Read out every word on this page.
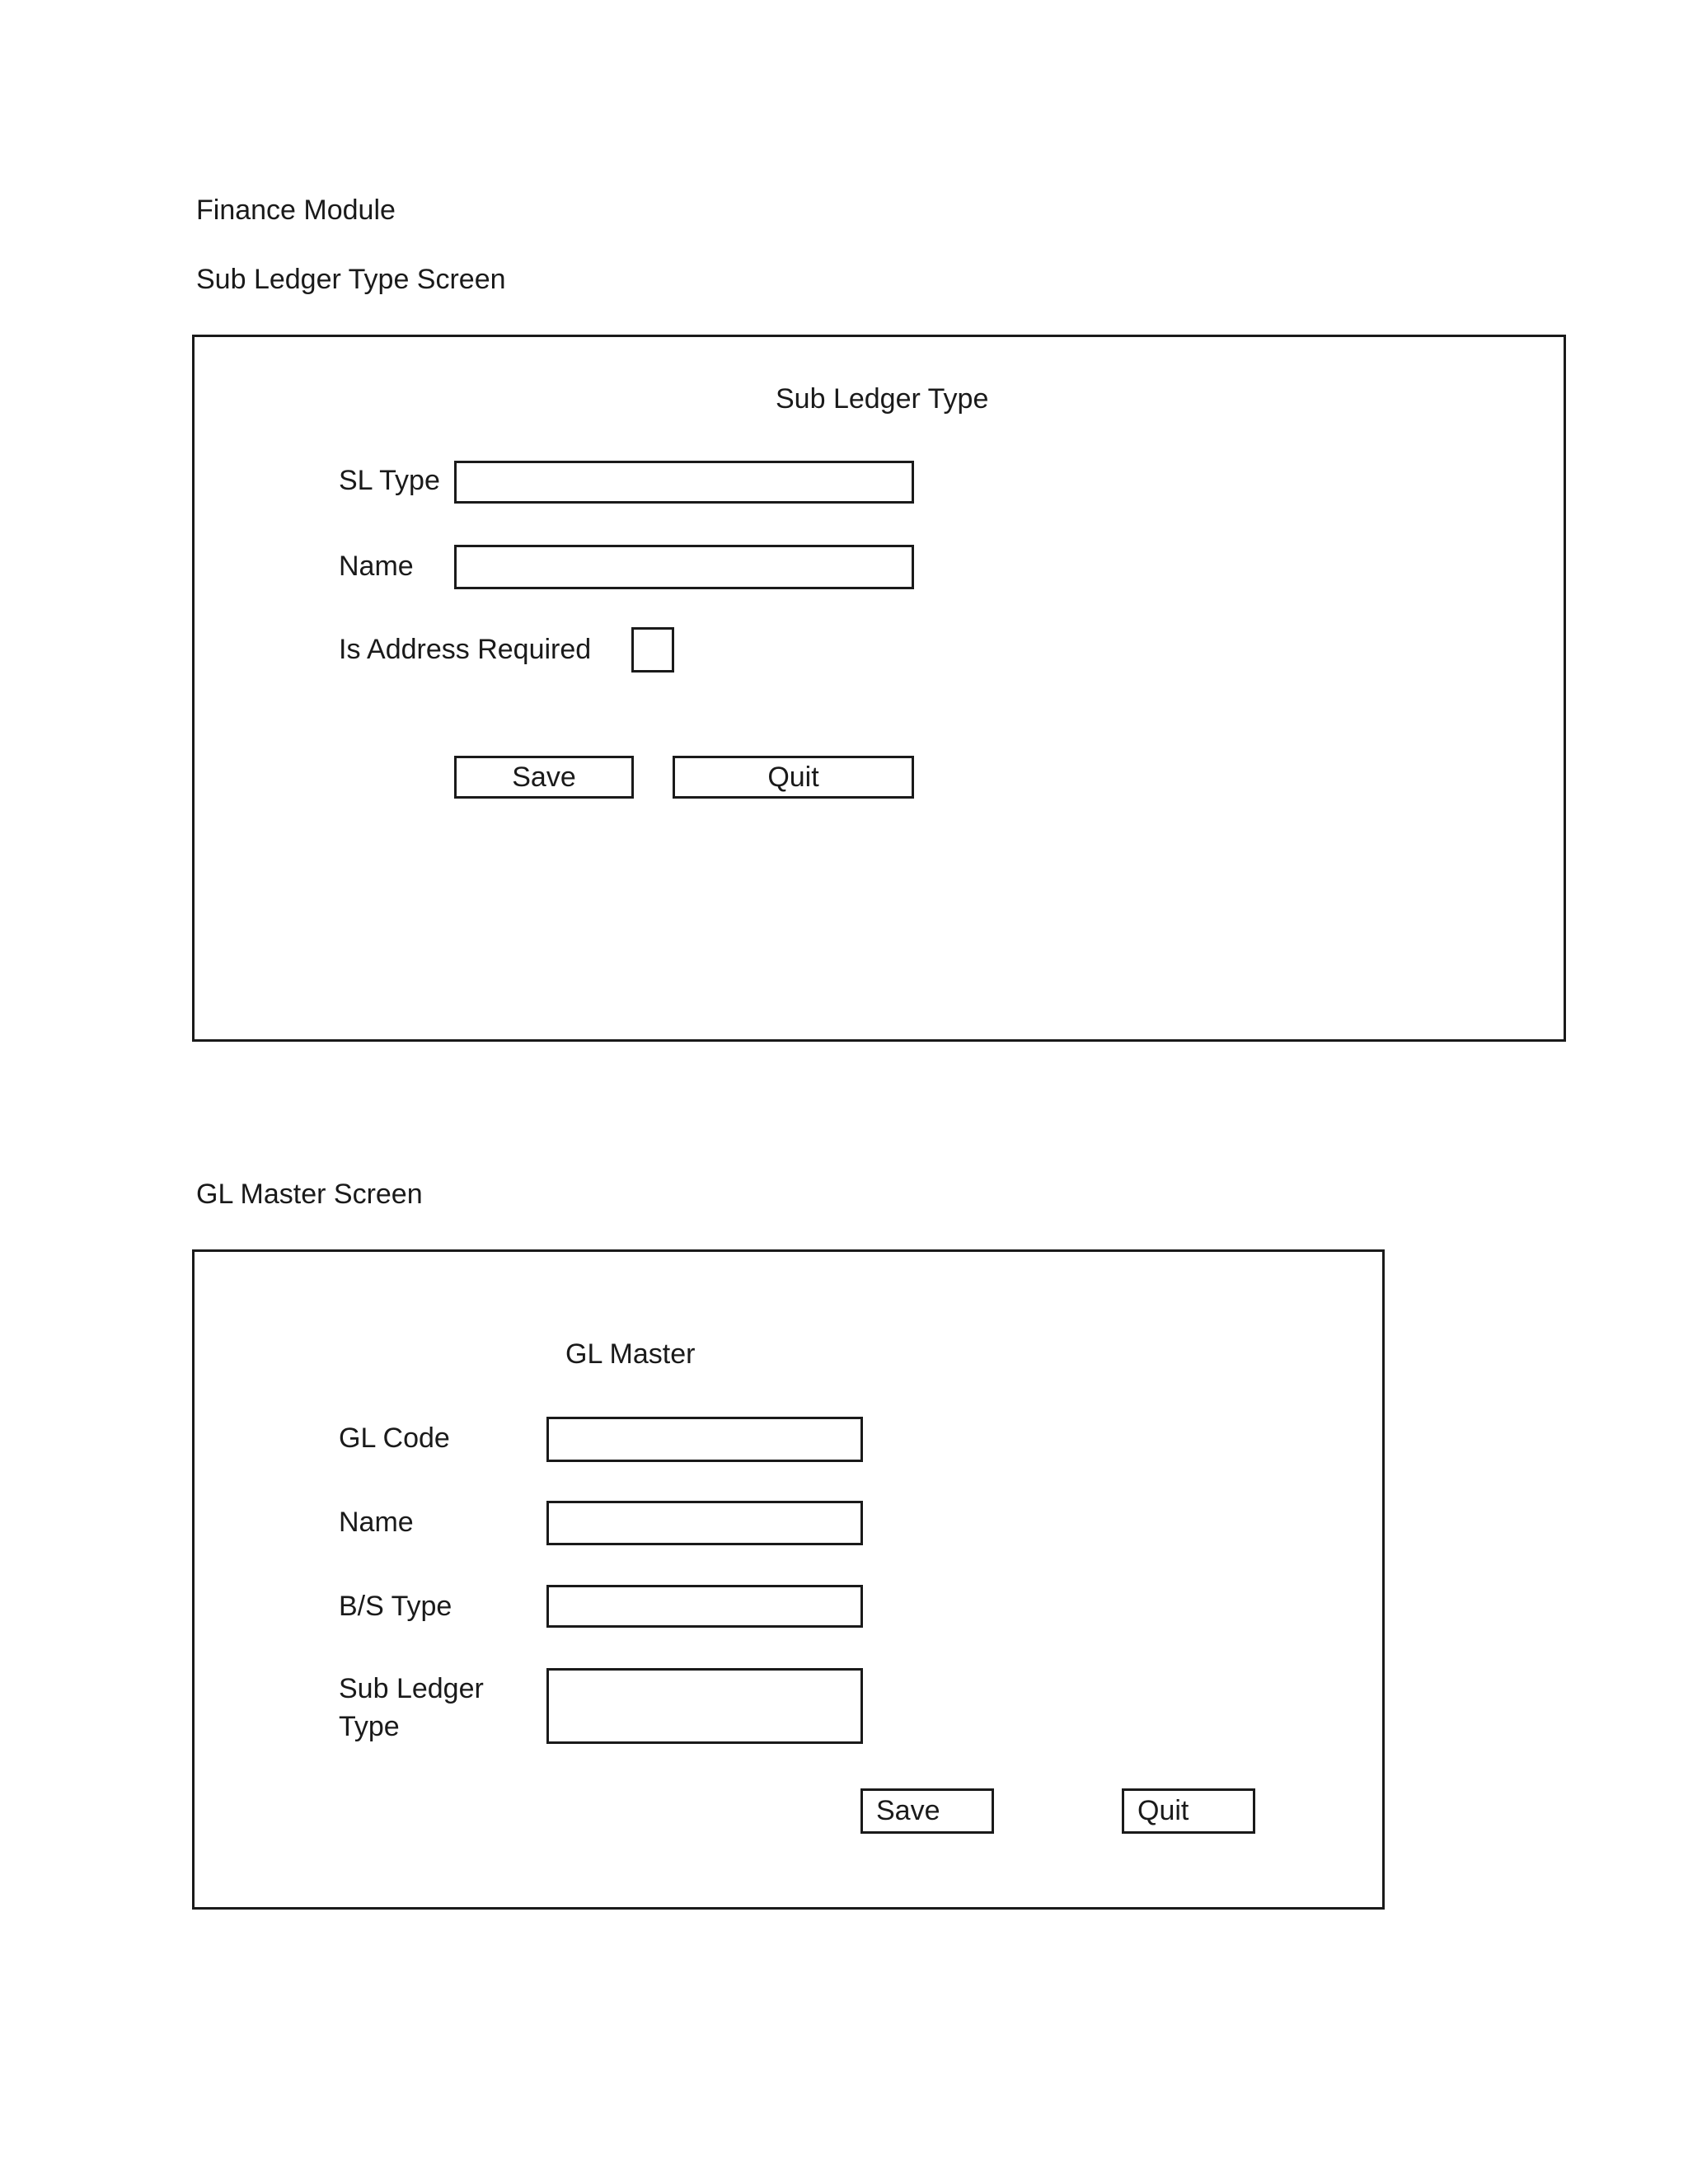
Finance Module
Sub Ledger Type Screen
Sub Ledger Type
SL Type
Name
Is Address Required
Save	Quit
GL Master Screen
GL Master
GL Code
Name
B/S Type
Sub Ledger Type
Save	Quit
